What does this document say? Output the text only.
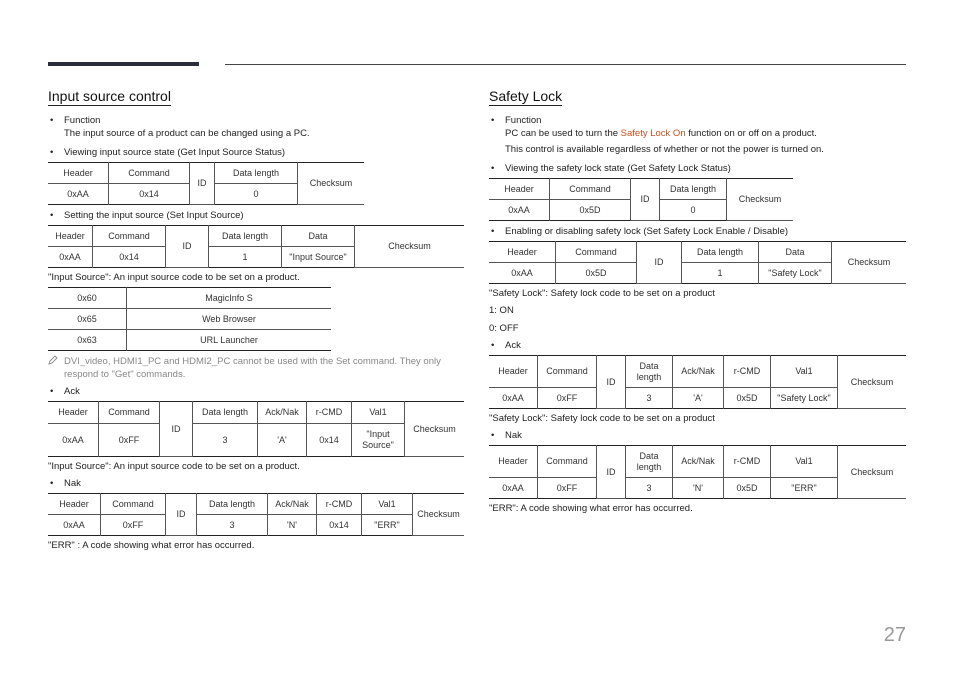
Input source control

• Function

The input source of a product can be changed using a PC.

• Viewing input source state (Get Input Source Status)

Header	Command	ID	Data length	Checksum
0xAA	0x14		0	

• Setting the input source (Set Input Source)

Header	Command	ID	Data length	Data	Checksum
0xAA	0x14		1	"Input Source"	

"Input Source": An input source code to be set on a product.

0x60	MagicInfo S
0x65	Web Browser
0x63	URL Launcher
DVI_video, HDMI1_PC and HDMI2_PC cannot be used with the Set command. They only respond to "Get" commands.

• Ack

Header	Command	ID	Data length	Ack/Nak	r-CMD	Val1	Checksum
0xAA	0xFF		3	'A'	0x14	"Input Source"	

"Input Source": An input source code to be set on a product.

• Nak

Header	Command	ID	Data length	Ack/Nak	r-CMD	Val1	Checksum
0xAA	0xFF		3	'N'	0x14	"ERR"	

"ERR" : A code showing what error has occurred.

Safety Lock

• Function

PC can be used to turn the Safety Lock On function on or off on a product.

This control is available regardless of whether or not the power is turned on.

• Viewing the safety lock state (Get Safety Lock Status)

Header	Command	ID	Data length	Checksum
0xAA	0x5D		0	

• Enabling or disabling safety lock (Set Safety Lock Enable / Disable)

Header	Command	ID	Data length	Data	Checksum
0xAA	0x5D		1	"Safety Lock"	

"Safety Lock": Safety lock code to be set on a product

1: ON

0: OFF

• Ack

Header	Command	ID	Data length	Ack/Nak	r-CMD	Val1	Checksum
0xAA	0xFF		3	'A'	0x5D	"Safety Lock"	

"Safety Lock": Safety lock code to be set on a product

• Nak

Header	Command	ID	Data length	Ack/Nak	r-CMD	Val1	Checksum
0xAA	0xFF		3	'N'	0x5D	"ERR"	

"ERR": A code showing what error has occurred.

27
